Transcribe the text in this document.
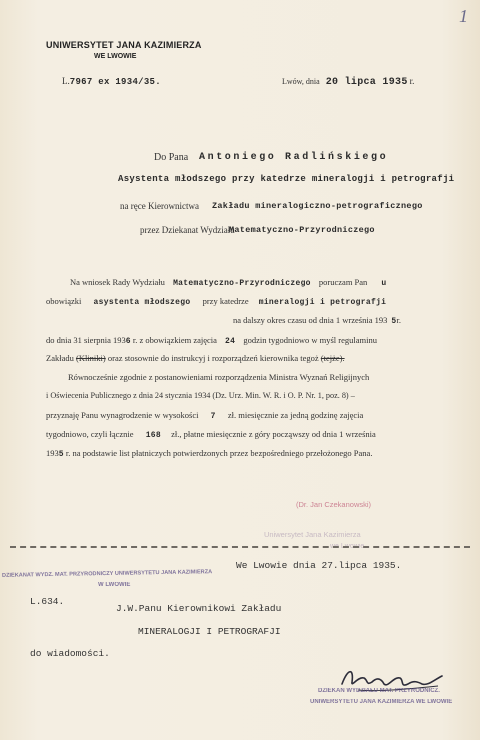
1
UNIWERSYTET JANA KAZIMIERZA
WE LWOWIE
L.7967 ex 1934/35.	Lwów, dnia 20 lipca 1935 r.
Do Pana Antoniego Radlińskiego
Asystenta młodszego przy katedrze mineralogji i petrografji
na ręce Kierownictwa Zakładu mineralogiczno-petrograficznego
przez Dziekanat Wydziału
Matematyczno-Przyrodniczego
Na wniosek Rady Wydziału Matematyczno-Przyrodniczego poruczam Pan u
obowiązki asystenta młodszego przy katedrze mineralogji i petrografji
na dalszy okres czasu od dnia 1 września 193 5r.
do dnia 31 sierpnia 1936 r. z obowiązkiem zajęcia 24 godzin tygodniowo w myśl regulaminu
Zakładu (Kliniki) oraz stosownie do instrukcyj i rozporządzeń kierownika tegoż (tejże).
Równocześnie zgodnie z postanowieniami rozporządzenia Ministra Wyznań Religijnych
i Oświecenia Publicznego z dnia 24 stycznia 1934 (Dz. Urz. Min. W. R. i O. P. Nr. 1, poz. 8) –
przyznaję Panu wynagrodzenie w wysokości 7 zł. miesięcznie za jedną godzinę zajęcia
tygodniowo, czyli łącznie 168 zł., płatne miesięcznie z góry począwszy od dnia 1 września
1935 r. na podstawie list płatniczych potwierdzonych przez bezpośredniego przełożonego Pana.
(Dr. Jan Czekanowski)
Uniwersytet Jana Kazimierza
we Lwowie
DZIEKANAT WYDZ. MAT. PRZYRODNICZY UNIWERSYTETU JANA KAZIMIERZA
W LWOWIE
We Lwowie dnia 27.lipca 1935.
L.634.
J.W.Panu Kierownikowi Zakładu
MINERALOGJI I PETROGRAFJI
do wiadomości.
DZIEKAN WYDZIAŁU MAT. PRZYRODNICZ.
UNIWERSYTETU JANA KAZIMIERZA WE LWOWIE
